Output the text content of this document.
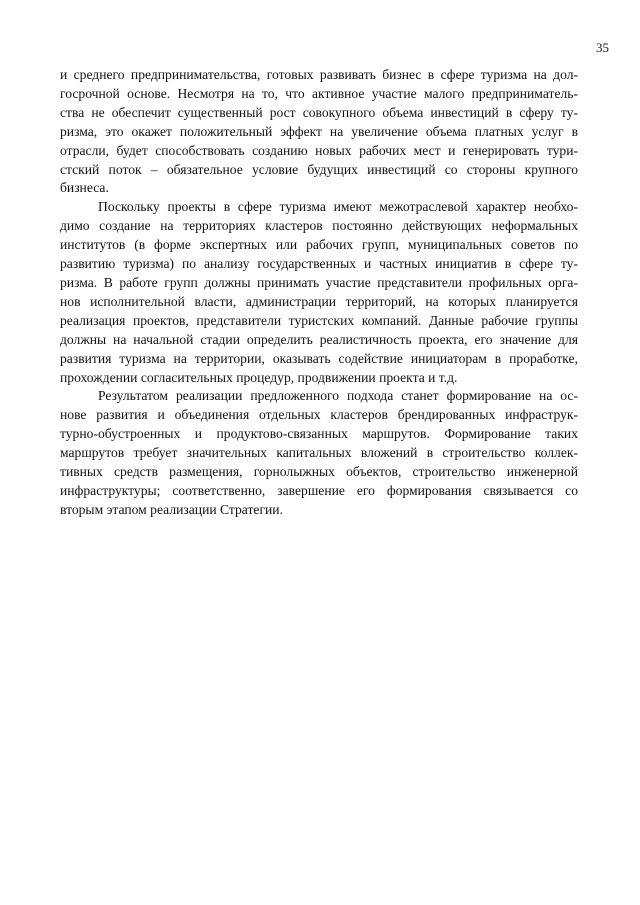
35
и среднего предпринимательства, готовых развивать бизнес в сфере туризма на дол-
госрочной основе. Несмотря на то, что активное участие малого предприниматель-
ства не обеспечит существенный рост совокупного объема инвестиций в сферу ту-
ризма, это окажет положительный эффект на увеличение объема платных услуг в
отрасли, будет способствовать созданию новых рабочих мест и генерировать тури-
стский поток – обязательное условие будущих инвестиций со стороны крупного
бизнеса.
Поскольку проекты в сфере туризма имеют межотраслевой характер необхо-
димо создание на территориях кластеров постоянно действующих неформальных
институтов (в форме экспертных или рабочих групп, муниципальных советов по
развитию туризма) по анализу государственных и частных инициатив в сфере ту-
ризма. В работе групп должны принимать участие представители профильных орга-
нов исполнительной власти, администрации территорий, на которых планируется
реализация проектов, представители туристских компаний. Данные рабочие группы
должны на начальной стадии определить реалистичность проекта, его значение для
развития туризма на территории, оказывать содействие инициаторам в проработке,
прохождении согласительных процедур, продвижении проекта и т.д.
Результатом реализации предложенного подхода станет формирование на ос-
нове развития и объединения отдельных кластеров брендированных инфраструк-
турно-обустроенных и продуктово-связанных маршрутов. Формирование таких
маршрутов требует значительных капитальных вложений в строительство коллек-
тивных средств размещения, горнолыжных объектов, строительство инженерной
инфраструктуры; соответственно, завершение его формирования связывается со
вторым этапом реализации Стратегии.
